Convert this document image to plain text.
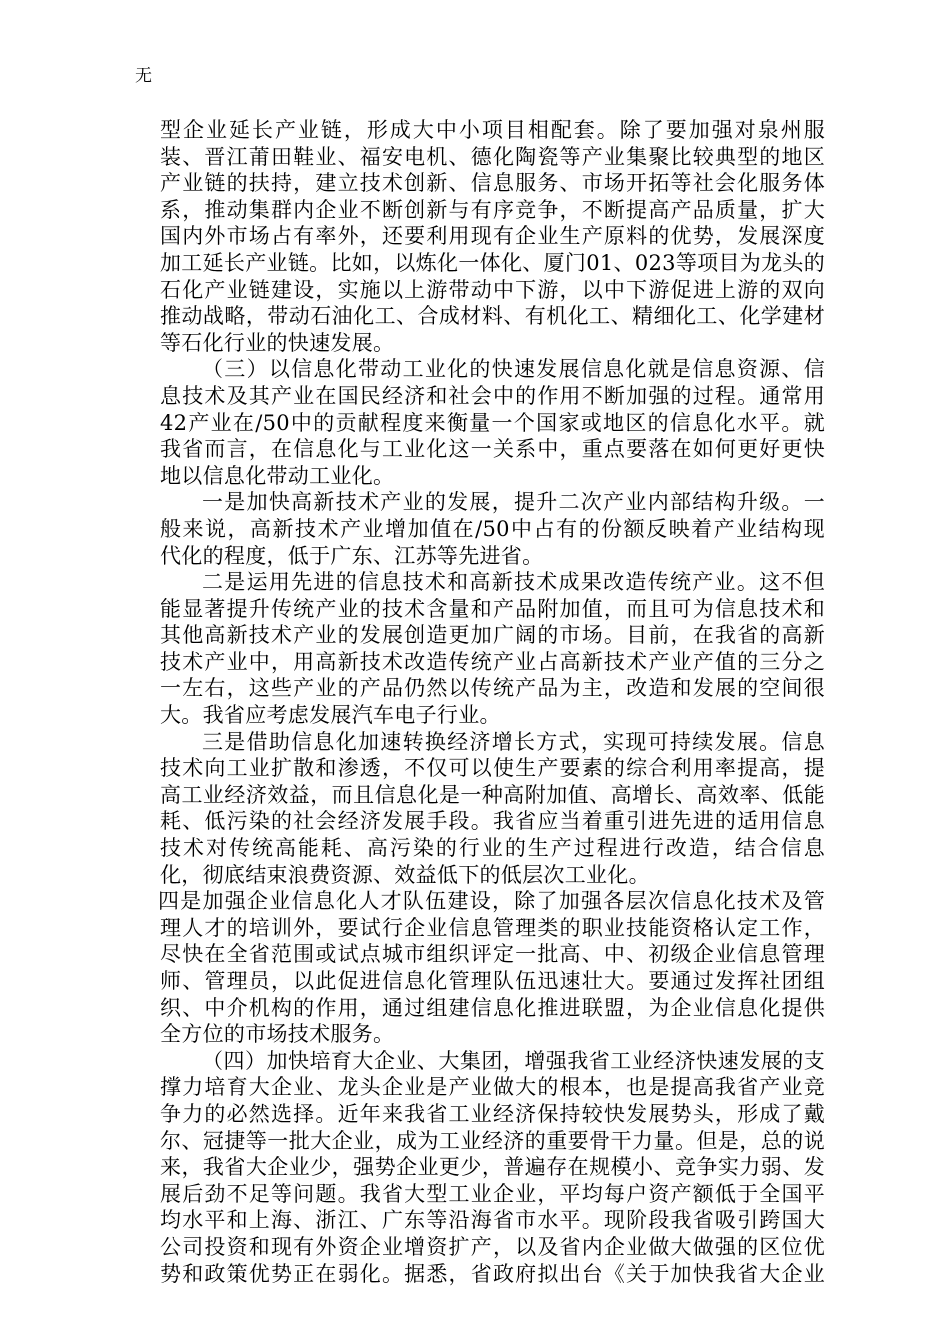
无
型企业延长产业链，形成大中小项目相配套。除了要加强对泉州服
装、晋江莆田鞋业、福安电机、德化陶瓷等产业集聚比较典型的地区
产业链的扶持，建立技术创新、信息服务、市场开拓等社会化服务体
系，推动集群内企业不断创新与有序竞争，不断提高产品质量，扩大
国内外市场占有率外，还要利用现有企业生产原料的优势，发展深度
加工延长产业链。比如，以炼化一体化、厦门01、023等项目为龙头的
石化产业链建设，实施以上游带动中下游，以中下游促进上游的双向
推动战略，带动石油化工、合成材料、有机化工、精细化工、化学建材
等石化行业的快速发展。
（三）以信息化带动工业化的快速发展信息化就是信息资源、信
息技术及其产业在国民经济和社会中的作用不断加强的过程。通常用
42产业在/50中的贡献程度来衡量一个国家或地区的信息化水平。就
我省而言，在信息化与工业化这一关系中，重点要落在如何更好更快
地以信息化带动工业化。
一是加快高新技术产业的发展，提升二次产业内部结构升级。一
般来说，高新技术产业增加值在/50中占有的份额反映着产业结构现
代化的程度，低于广东、江苏等先进省。
二是运用先进的信息技术和高新技术成果改造传统产业。这不但
能显著提升传统产业的技术含量和产品附加值，而且可为信息技术和
其他高新技术产业的发展创造更加广阔的市场。目前，在我省的高新
技术产业中，用高新技术改造传统产业占高新技术产业产值的三分之
一左右，这些产业的产品仍然以传统产品为主，改造和发展的空间很
大。我省应考虑发展汽车电子行业。
三是借助信息化加速转换经济增长方式，实现可持续发展。信息
技术向工业扩散和渗透，不仅可以使生产要素的综合利用率提高，提
高工业经济效益，而且信息化是一种高附加值、高增长、高效率、低能
耗、低污染的社会经济发展手段。我省应当着重引进先进的适用信息
技术对传统高能耗、高污染的行业的生产过程进行改造，结合信息
化，彻底结束浪费资源、效益低下的低层次工业化。
四是加强企业信息化人才队伍建设，除了加强各层次信息化技术及管
理人才的培训外，要试行企业信息管理类的职业技能资格认定工作，
尽快在全省范围或试点城市组织评定一批高、中、初级企业信息管理
师、管理员，以此促进信息化管理队伍迅速壮大。要通过发挥社团组
织、中介机构的作用，通过组建信息化推进联盟，为企业信息化提供
全方位的市场技术服务。
（四）加快培育大企业、大集团，增强我省工业经济快速发展的支
撑力培育大企业、龙头企业是产业做大的根本，也是提高我省产业竞
争力的必然选择。近年来我省工业经济保持较快发展势头，形成了戴
尔、冠捷等一批大企业，成为工业经济的重要骨干力量。但是，总的说
来，我省大企业少，强势企业更少，普遍存在规模小、竞争实力弱、发
展后劲不足等问题。我省大型工业企业，平均每户资产额低于全国平
均水平和上海、浙江、广东等沿海省市水平。现阶段我省吸引跨国大
公司投资和现有外资企业增资扩产，以及省内企业做大做强的区位优
势和政策优势正在弱化。据悉，省政府拟出台《关于加快我省大企业
